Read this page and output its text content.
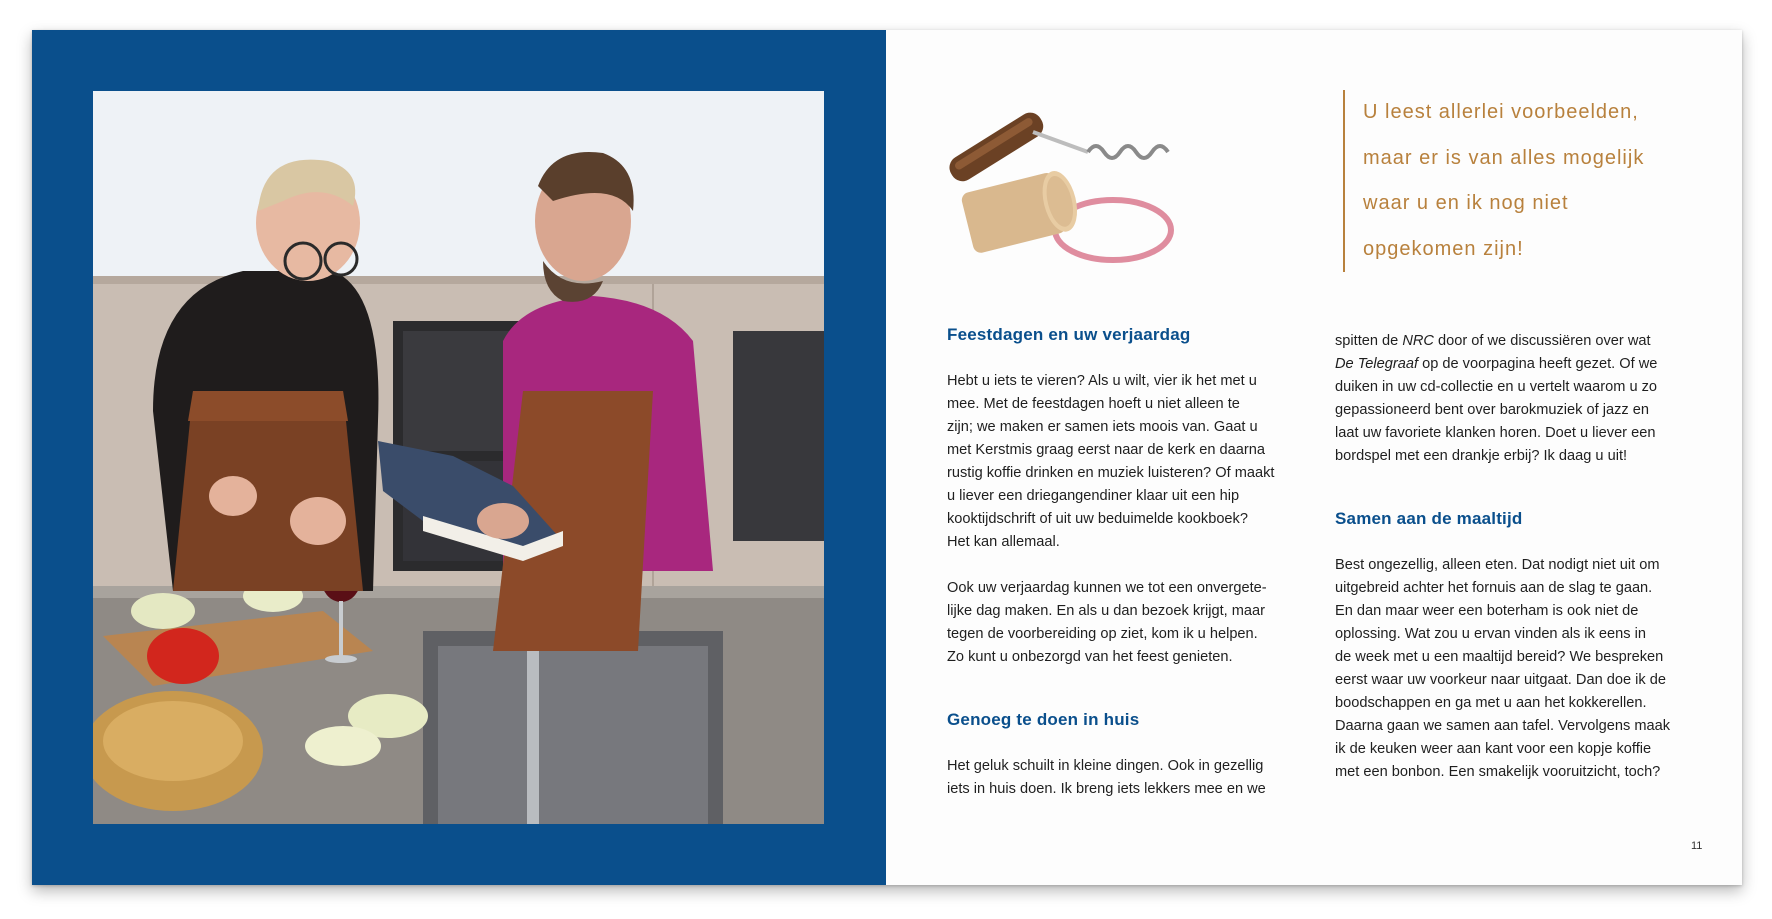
U leest allerlei voorbeelden,
maar er is van alles mogelijk
waar u en ik nog niet
opgekomen zijn!
Feestdagen en uw verjaardag

Hebt u iets te vieren? Als u wilt, vier ik het met u
mee. Met de feestdagen hoeft u niet alleen te
zijn; we maken er samen iets moois van. Gaat u
met Kerstmis graag eerst naar de kerk en daarna
rustig koffie drinken en muziek luisteren? Of maakt
u liever een driegangendiner klaar uit een hip
kooktijdschrift of uit uw beduimelde kookboek?
Het kan allemaal.

Ook uw verjaardag kunnen we tot een onvergete-
lijke dag maken. En als u dan bezoek krijgt, maar
tegen de voorbereiding op ziet, kom ik u helpen.
Zo kunt u onbezorgd van het feest genieten.

Genoeg te doen in huis

Het geluk schuilt in kleine dingen. Ook in gezellig
iets in huis doen. Ik breng iets lekkers mee en we

spitten de NRC door of we discussiëren over wat
De Telegraaf op de voorpagina heeft gezet. Of we
duiken in uw cd-collectie en u vertelt waarom u zo
gepassioneerd bent over barokmuziek of jazz en
laat uw favoriete klanken horen. Doet u liever een
bordspel met een drankje erbij? Ik daag u uit!

Samen aan de maaltijd

Best ongezellig, alleen eten. Dat nodigt niet uit om
uitgebreid achter het fornuis aan de slag te gaan.
En dan maar weer een boterham is ook niet de
oplossing. Wat zou u ervan vinden als ik eens in
de week met u een maaltijd bereid? We bespreken
eerst waar uw voorkeur naar uitgaat. Dan doe ik de
boodschappen en ga met u aan het kokkerellen.
Daarna gaan we samen aan tafel. Vervolgens maak
ik de keuken weer aan kant voor een kopje koffie
met een bonbon. Een smakelijk vooruitzicht, toch?

11
